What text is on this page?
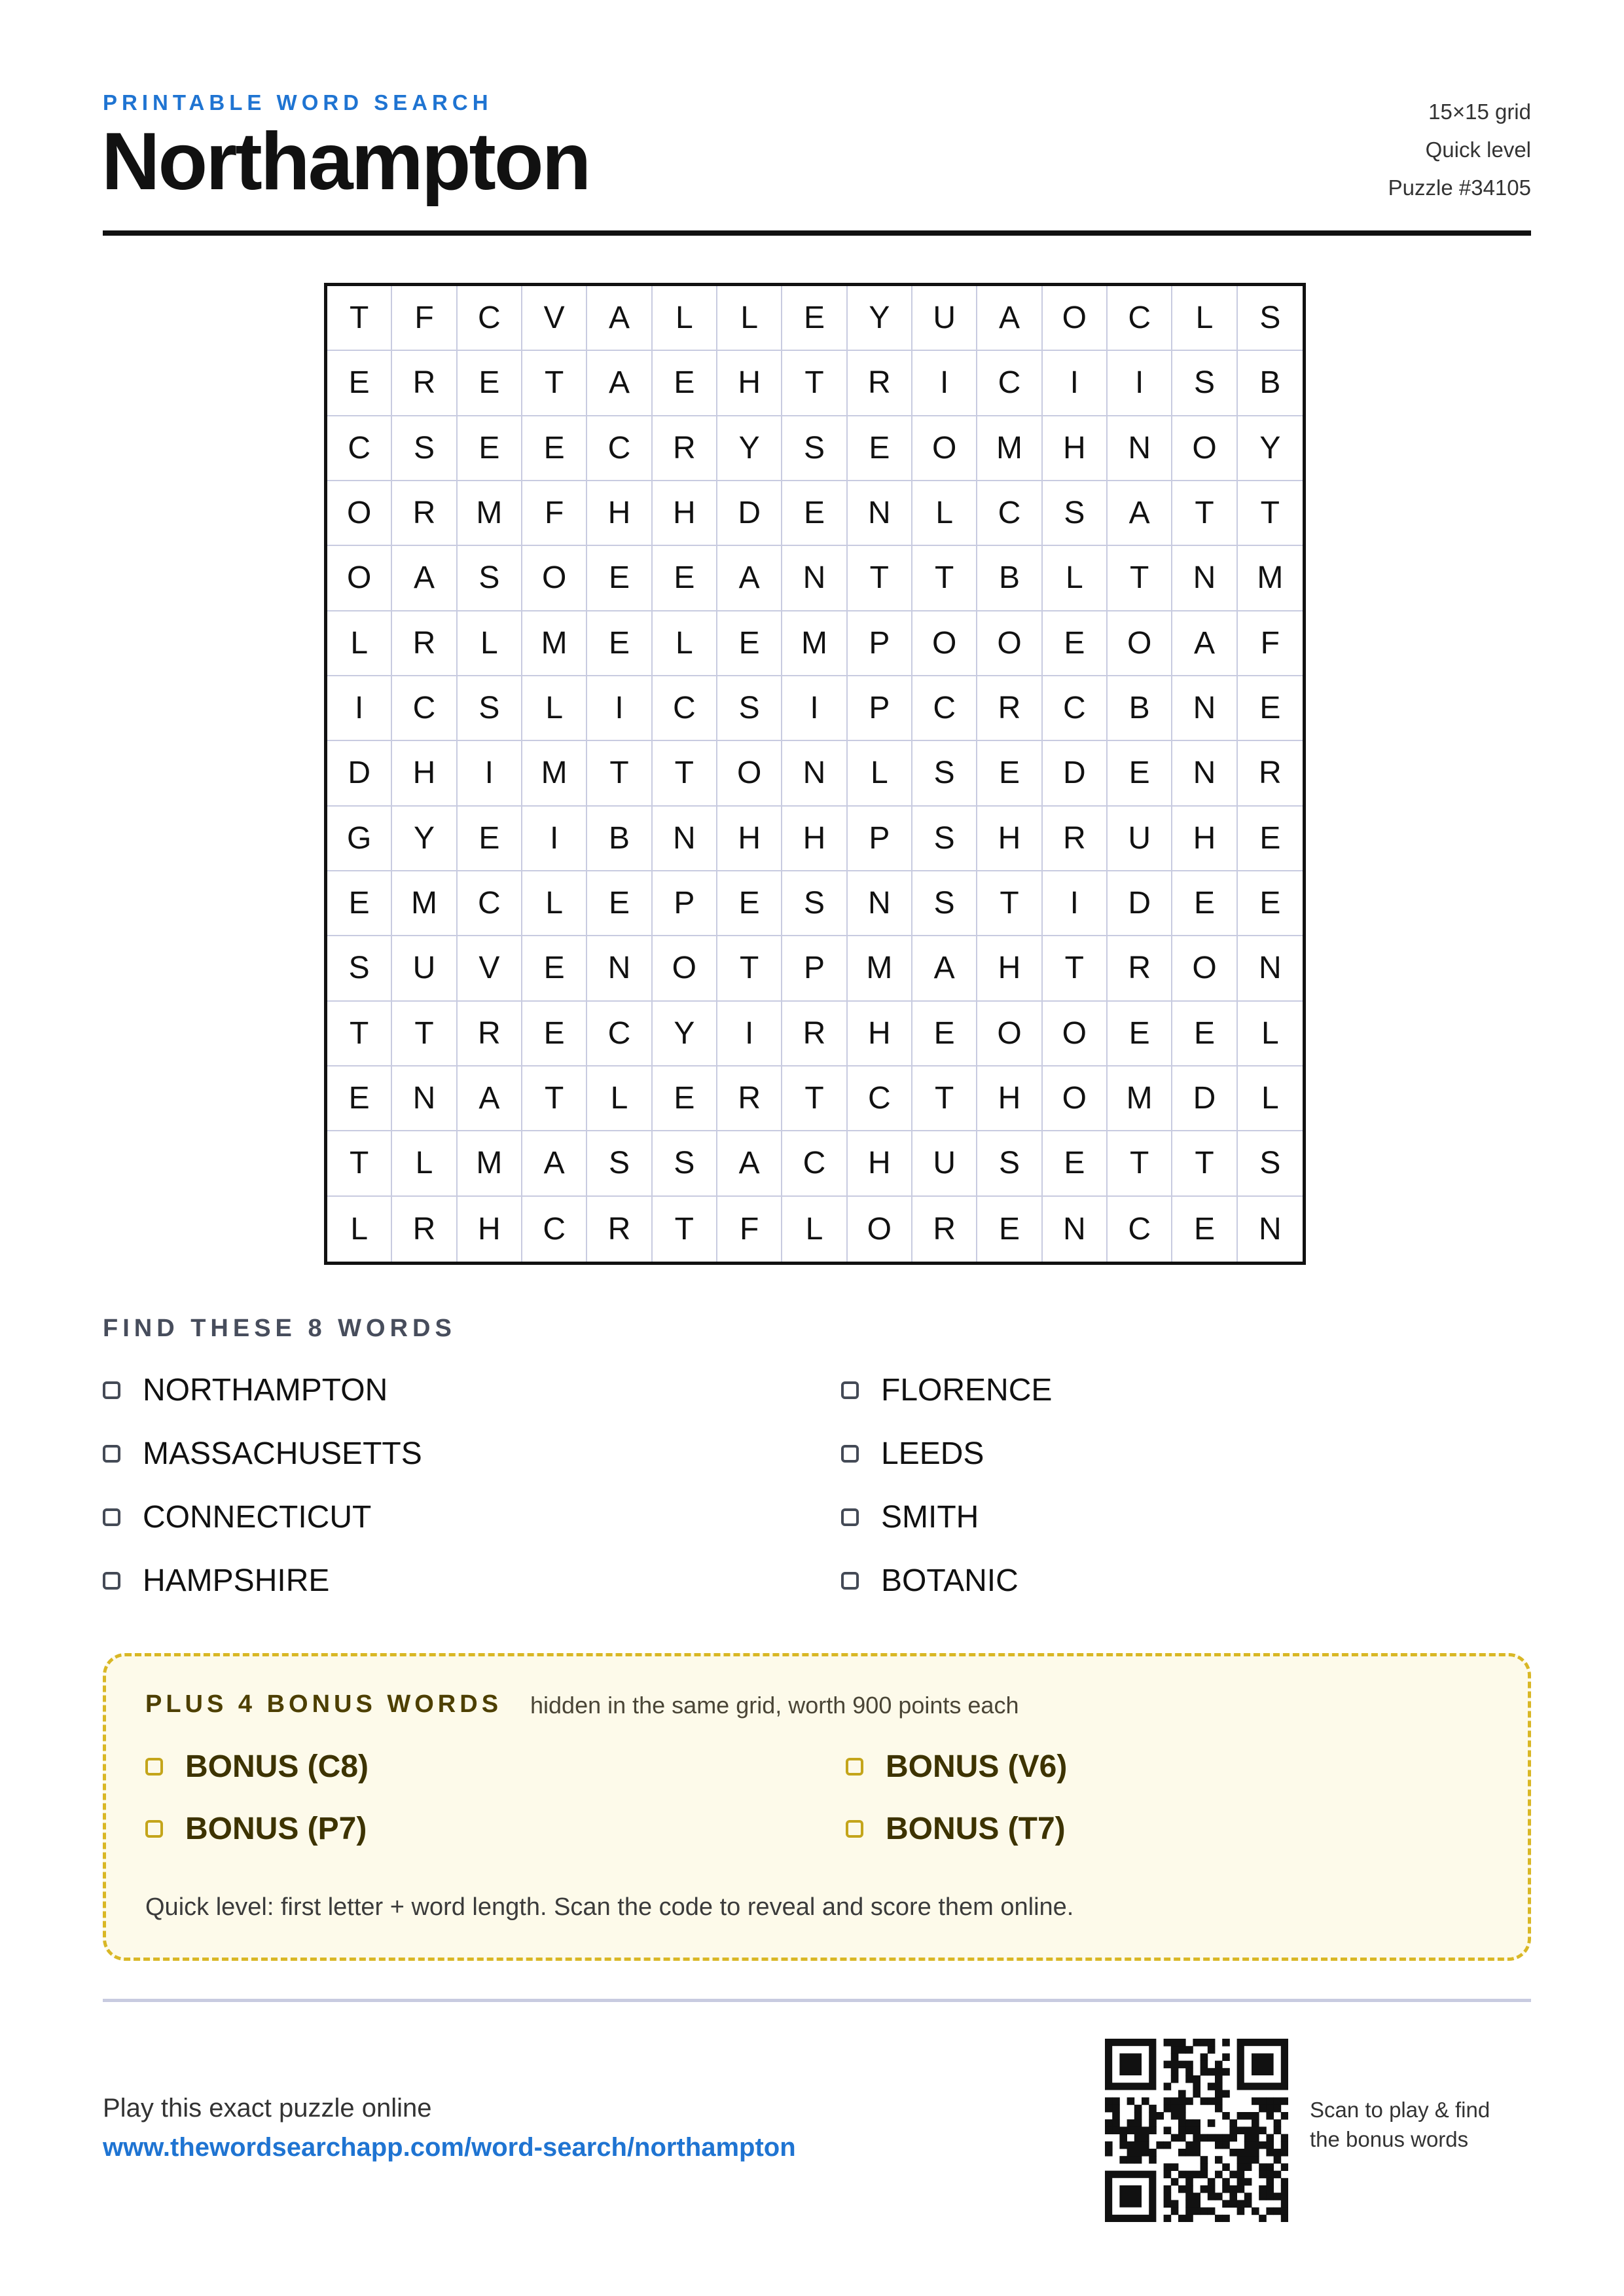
PRINTABLE WORD SEARCH
Northampton
15×15 grid
Quick level
Puzzle #34105
T	F	C	V	A	L	L	E	Y	U	A	O	C	L	S
E	R	E	T	A	E	H	T	R	I	C	I	I	S	B
C	S	E	E	C	R	Y	S	E	O	M	H	N	O	Y
O	R	M	F	H	H	D	E	N	L	C	S	A	T	T
O	A	S	O	E	E	A	N	T	T	B	L	T	N	M
L	R	L	M	E	L	E	M	P	O	O	E	O	A	F
I	C	S	L	I	C	S	I	P	C	R	C	B	N	E
D	H	I	M	T	T	O	N	L	S	E	D	E	N	R
G	Y	E	I	B	N	H	H	P	S	H	R	U	H	E
E	M	C	L	E	P	E	S	N	S	T	I	D	E	E
S	U	V	E	N	O	T	P	M	A	H	T	R	O	N
T	T	R	E	C	Y	I	R	H	E	O	O	E	E	L
E	N	A	T	L	E	R	T	C	T	H	O	M	D	L
T	L	M	A	S	S	A	C	H	U	S	E	T	T	S
L	R	H	C	R	T	F	L	O	R	E	N	C	E	N
FIND THESE 8 WORDS
NORTHAMPTON	FLORENCE
MASSACHUSETTS	LEEDS
CONNECTICUT	SMITH
HAMPSHIRE	BOTANIC
PLUS 4 BONUS WORDS hidden in the same grid, worth 900 points each
BONUS (C8)	BONUS (V6)
BONUS (P7)	BONUS (T7)
Quick level: first letter + word length. Scan the code to reveal and score them online.
Play this exact puzzle online
www.thewordsearchapp.com/word-search/northampton
Scan to play & find
the bonus words
